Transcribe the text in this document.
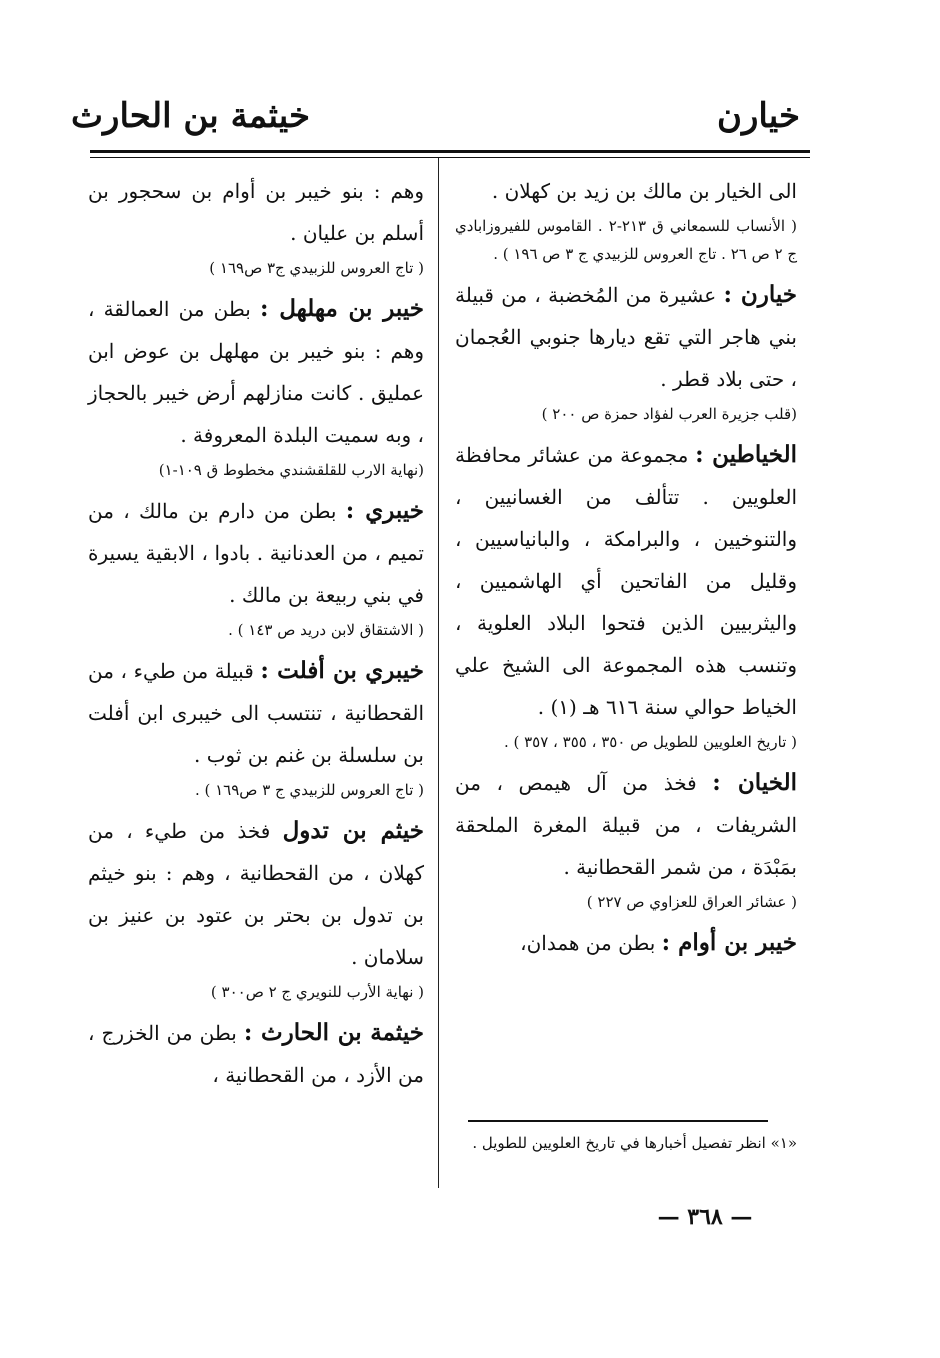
خيارن
خيثمة بن الحارث

الى الخيار بن مالك بن زيد بن كهلان .

( الأنساب للسمعاني ق ٢١٣-٢ . القاموس للفيروزابادي ج ٢ ص ٢٦ . تاج العروس للزبيدي ج ٣ ص ١٩٦ ) .

خيارن : عشيرة من المُخضبة ، من قبيلة بني هاجر التي تقع ديارها جنوبي العُجمان ، حتى بلاد قطر .

(قلب جزيرة العرب لفؤاد حمزة ص ٢٠٠ )

الخياطين : مجموعة من عشائر محافظة العلويين . تتألف من الغسانيين ، والتنوخيين ، والبرامكة ، والبانياسيين ، وقليل من الفاتحين أي الهاشميين ، واليثربيين الذين فتحوا البلاد العلوية ، وتنسب هذه المجموعة الى الشيخ علي الخياط حوالي سنة ٦١٦ هـ (١) .

( تاريخ العلويين للطويل ص ٣٥٠ ، ٣٥٥ ، ٣٥٧ ) .

الخيان : فخذ من آل هيمص ، من الشريفات ، من قبيلة المغرة الملحقة بمَبْدَة ، من شمر القحطانية .

( عشائر العراق للعزاوي ص ٢٢٧ )

خيبر بن أوام : بطن من همدان،

وهم : بنو خيبر بن أوام بن سحجور بن أسلم بن عليان .

( تاج العروس للزبيدي ج٣ ص١٦٩ )

خيبر بن مهلهل : بطن من العمالقة ، وهم : بنو خيبر بن مهلهل بن عوض ابن عمليق . كانت منازلهم أرض خيبر بالحجاز ، وبه سميت البلدة المعروفة .

(نهاية الارب للقلقشندي مخطوط ق ١٠٩-١)

خيبري : بطن من دارم بن مالك ، من تميم ، من العدنانية . بادوا ، الابقية يسيرة في بني ربيعة بن مالك .

( الاشتقاق لابن دريد ص ١٤٣ ) .

خيبري بن أفلت : قبيلة من طيء ، من القحطانية ، تنتسب الى خيبرى ابن أفلت بن سلسلة بن غنم بن ثوب .

( تاج العروس للزبيدي ج ٣ ص١٦٩ ) .

خيثم بن تدول فخذ من طيء ، من كهلان ، من القحطانية ، وهم : بنو خيثم بن تدول بن بحتر بن عتود بن عنيز بن سلامان .

( نهاية الأرب للنويري ج ٢ ص٣٠٠ )

خيثمة بن الحارث : بطن من الخزرج ، من الأزد ، من القحطانية ،

«١» انظر تفصيل أخبارها في تاريخ العلويين للطويل .

— ٣٦٨ —
